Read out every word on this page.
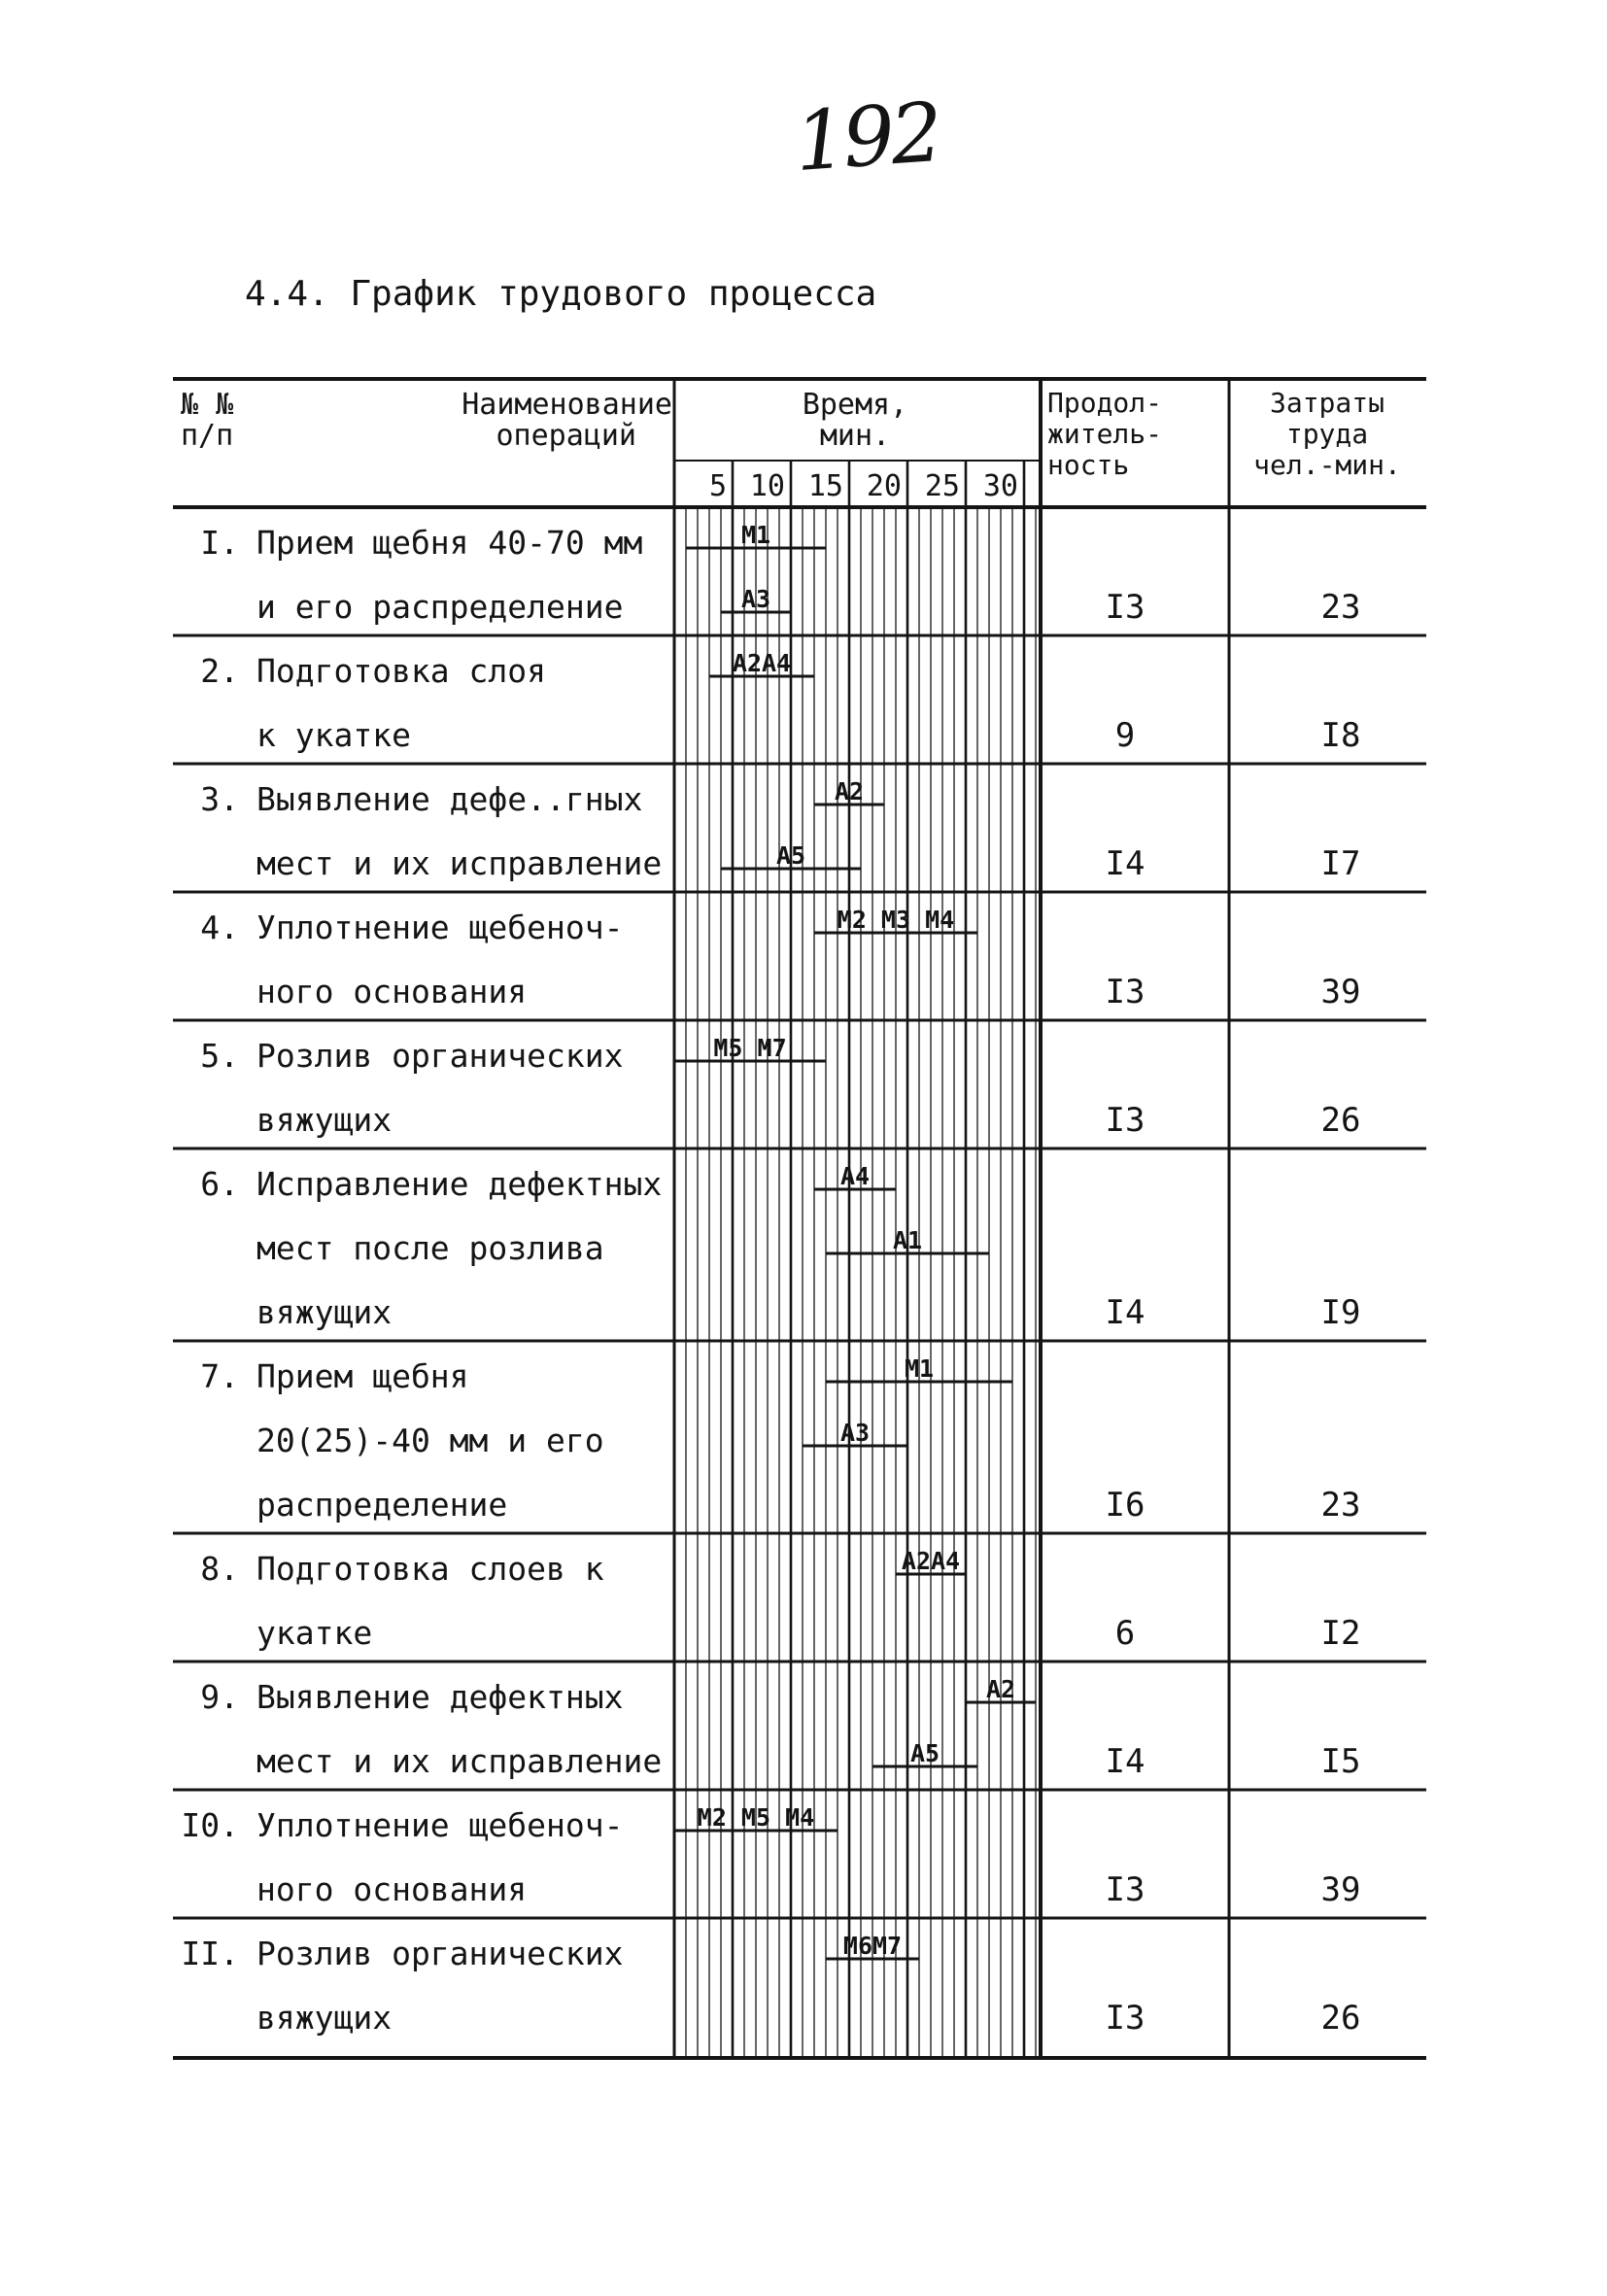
192
4.4. График трудового процесса
№ №
п/п
Наименование
операций
Время,
мин.
5 10 15 20 25 30
Продол-
житель-
ность
Затраты
труда
чел.-мин.
I. Прием щебня 40-70 мм
и его распределение	I3	23
М1
А3
2. Подготовка слоя
к укатке	9	I8
А2А4
3. Выявление дефе..гных
мест и их исправление	I4	I7
А2
А5
4. Уплотнение щебеноч-
ного основания	I3	39
М2 М3 М4
5. Розлив органических
вяжущих	I3	26
М5 М7
6. Исправление дефектных
мест после розлива
вяжущих	I4	I9
А4
А1
7. Прием щебня
20(25)-40 мм и его
распределение	I6	23
М1
А3
8. Подготовка слоев к
укатке	6	I2
А2А4
9. Выявление дефектных
мест и их исправление	I4	I5
А2
А5
I0. Уплотнение щебеноч-
ного основания	I3	39
М2 М5 М4
II. Розлив органических
вяжущих	I3	26
М6М7
